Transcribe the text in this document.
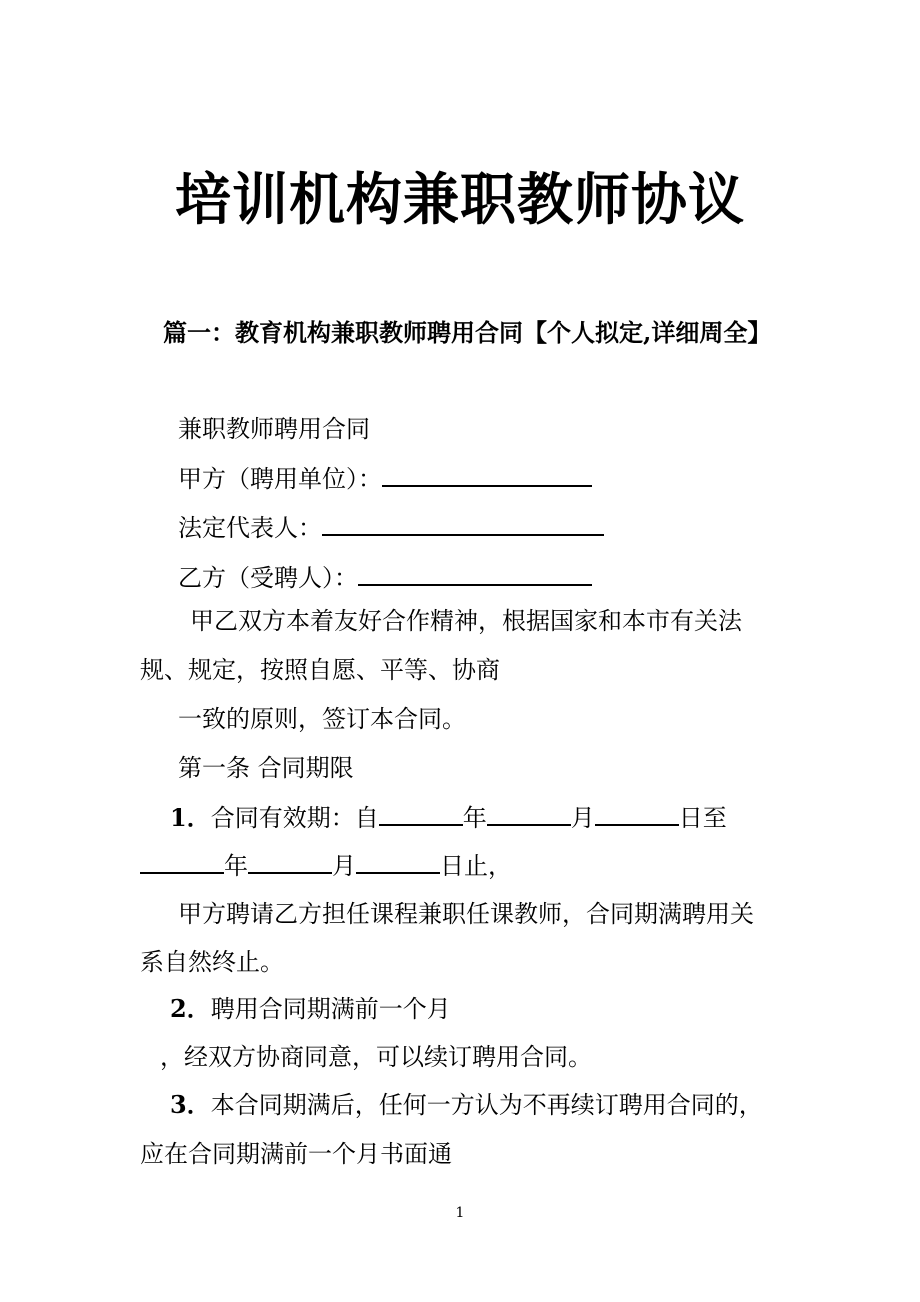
培训机构兼职教师协议
篇一：教育机构兼职教师聘用合同【个人拟定,详细周全】
兼职教师聘用合同
甲方（聘用单位）：
法定代表人：
乙方（受聘人）：
甲乙双方本着友好合作精神，根据国家和本市有关法
规、规定，按照自愿、平等、协商
一致的原则，签订本合同。
第一条 合同期限
1．合同有效期：自	年	月	日至
年	月	日止，
甲方聘请乙方担任课程兼职任课教师，合同期满聘用关
系自然终止。
2．聘用合同期满前一个月
，经双方协商同意，可以续订聘用合同。
3．本合同期满后，任何一方认为不再续订聘用合同的，
应在合同期满前一个月书面通
1
